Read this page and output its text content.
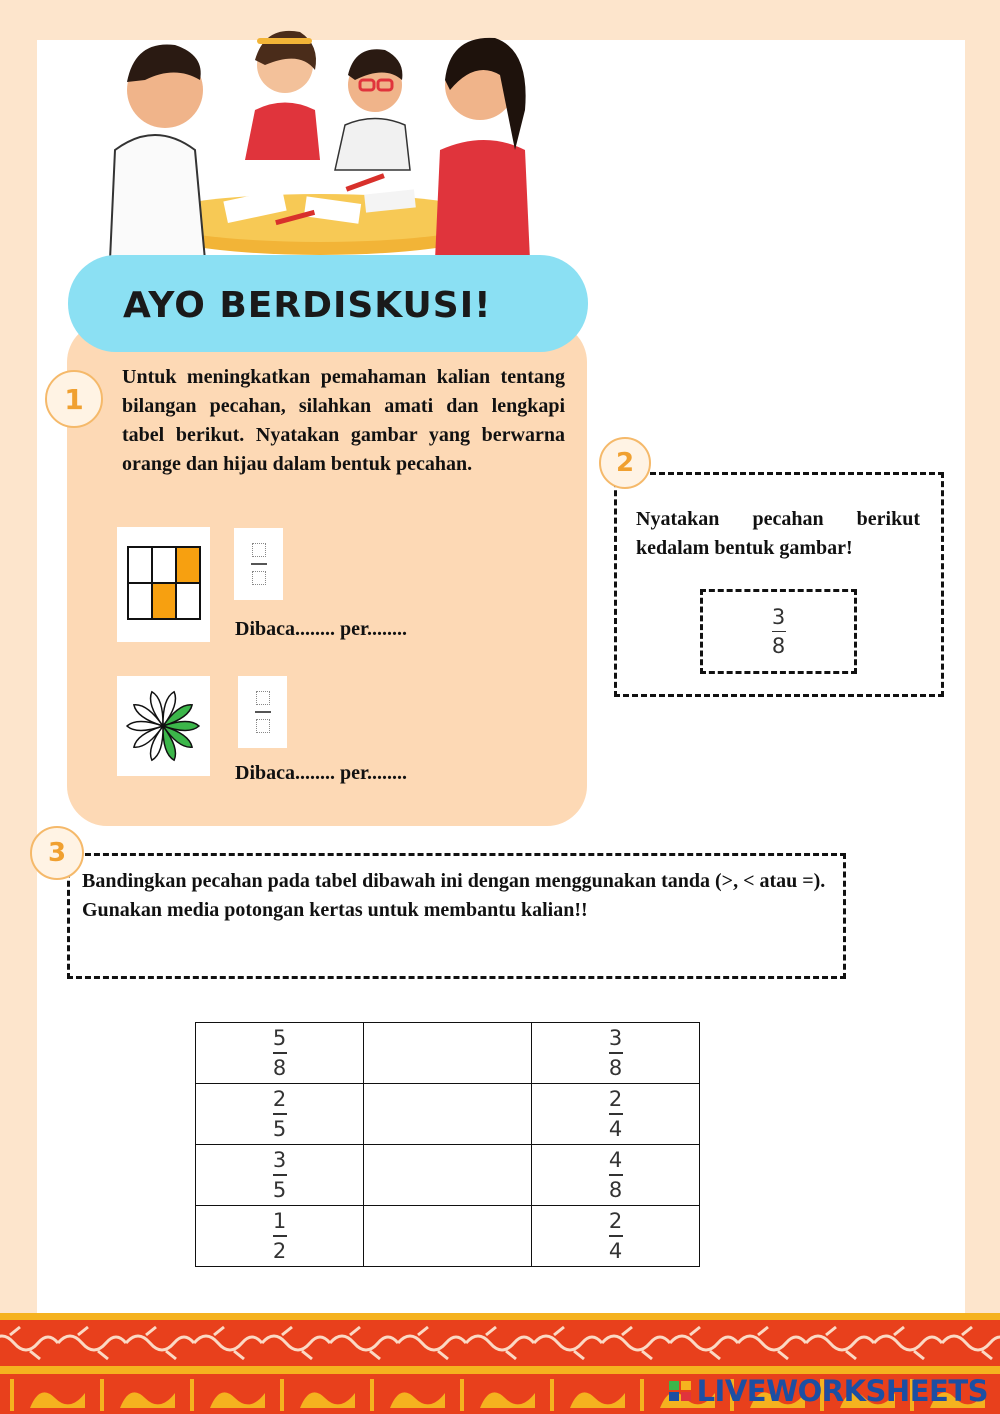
AYO BERDISKUSI!
1
Untuk meningkatkan pemahaman kalian tentang bilangan pecahan, silahkan amati dan lengkapi tabel berikut. Nyatakan gambar yang berwarna orange dan hijau dalam bentuk pecahan.
Dibaca........ per........
Dibaca........ per........
2
Nyatakan pecahan berikut kedalam bentuk gambar!
$\frac{3}{8}$
3
Bandingkan pecahan pada tabel dibawah ini dengan menggunakan tanda (>, < atau =).
Gunakan media potongan kertas untuk membantu kalian!!
$\frac{5}{8}$		$\frac{3}{8}$

$\frac{2}{5}$		$\frac{2}{4}$

$\frac{3}{5}$		$\frac{4}{8}$

$\frac{1}{2}$		$\frac{2}{4}$
LIVEWORKSHEETS
